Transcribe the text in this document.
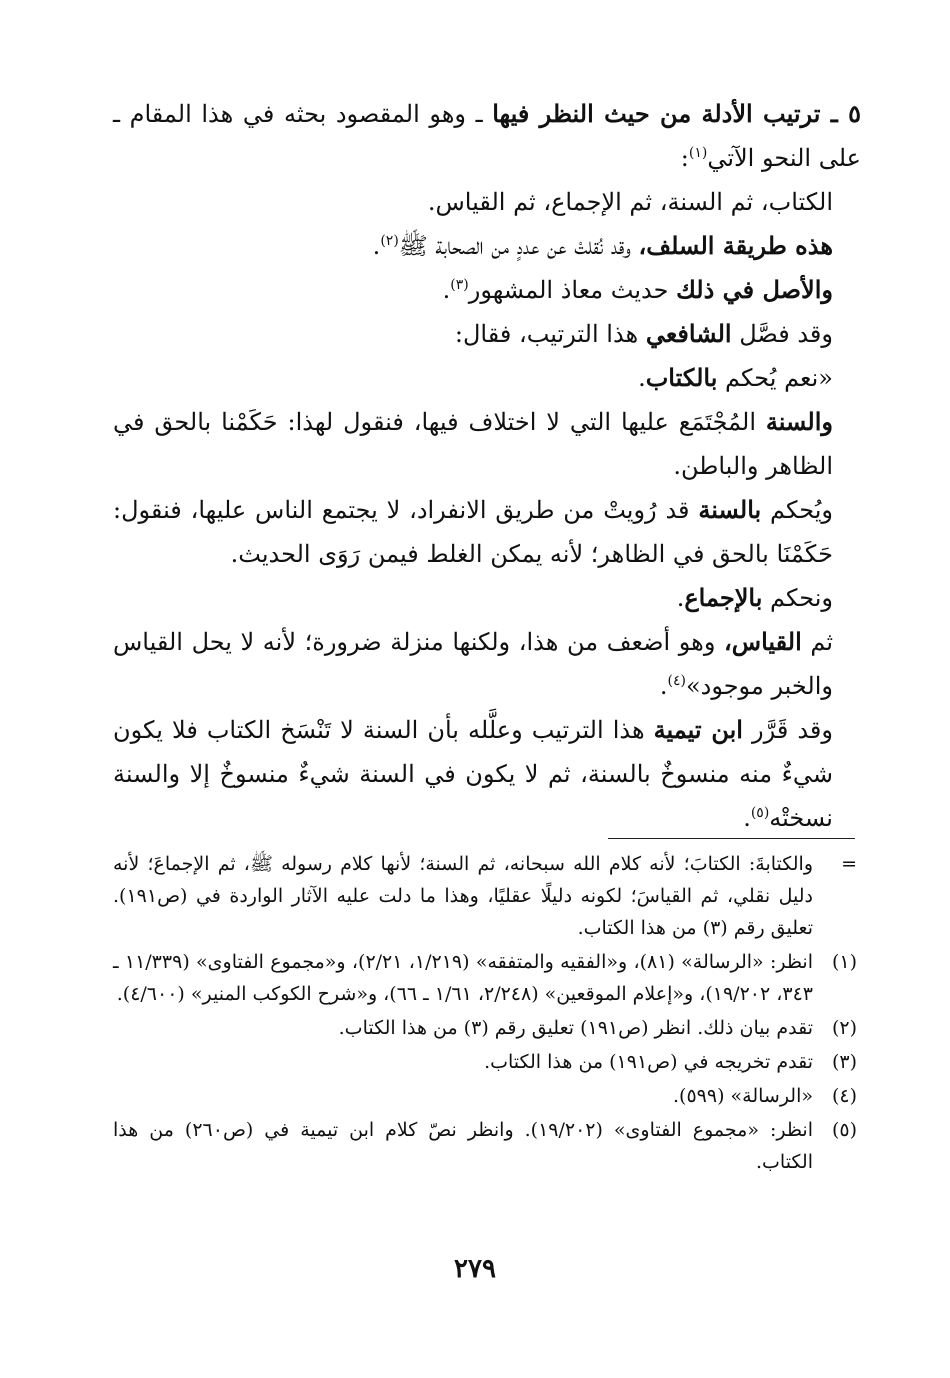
٥ ـ ترتيب الأدلة من حيث النظر فيها ـ وهو المقصود بحثه في هذا المقام ـ على النحو الآتي$^{(١)}$:

الكتاب، ثم السنة، ثم الإجماع، ثم القياس.

هذه طريقة السلف، وقد نُقلتْ عن عددٍ من الصحابة ﷺ$^{(٢)}$.

والأصل في ذلك حديث معاذ المشهور$^{(٣)}$.

وقد فصَّل الشافعي هذا الترتيب، فقال:

«نعم يُحكم بالكتاب.

والسنة المُجْتَمَع عليها التي لا اختلاف فيها، فنقول لهذا: حَكَمْنا بالحق في الظاهر والباطن.

ويُحكم بالسنة قد رُويتْ من طريق الانفراد، لا يجتمع الناس عليها، فنقول: حَكَمْنَا بالحق في الظاهر؛ لأنه يمكن الغلط فيمن رَوَى الحديث.

ونحكم بالإجماع.

ثم القياس، وهو أضعف من هذا، ولكنها منزلة ضرورة؛ لأنه لا يحل القياس والخبر موجود»$^{(٤)}$.

وقد قَرَّر ابن تيمية هذا الترتيب وعلَّله بأن السنة لا تَنْسَخ الكتاب فلا يكون شيءٌ منه منسوخٌ بالسنة، ثم لا يكون في السنة شيءٌ منسوخٌ إلا والسنة نسختْه$^{(٥)}$.

=
والكتابةَ: الكتابَ؛ لأنه كلام الله سبحانه، ثم السنة؛ لأنها كلام رسوله ﷺ، ثم الإجماعَ؛ لأنه دليل نقلي، ثم القياسَ؛ لكونه دليلًا عقليًا، وهذا ما دلت عليه الآثار الواردة في (ص١٩١). تعليق رقم (٣) من هذا الكتاب.
(١)
انظر: «الرسالة» (٨١)، و«الفقيه والمتفقه» (١/٢١٩، ٢/٢١)، و«مجموع الفتاوى» (١١/٣٣٩ ـ ٣٤٣، ١٩/٢٠٢)، و«إعلام الموقعين» (٢/٢٤٨، ١/٦١ ـ ٦٦)، و«شرح الكوكب المنير» (٤/٦٠٠).
(٢)
تقدم بيان ذلك. انظر (ص١٩١) تعليق رقم (٣) من هذا الكتاب.
(٣)
تقدم تخريجه في (ص١٩١) من هذا الكتاب.
(٤)
«الرسالة» (٥٩٩).
(٥)
انظر: «مجموع الفتاوى» (١٩/٢٠٢). وانظر نصّ كلام ابن تيمية في (ص٢٦٠) من هذا الكتاب.
٢٧٩
